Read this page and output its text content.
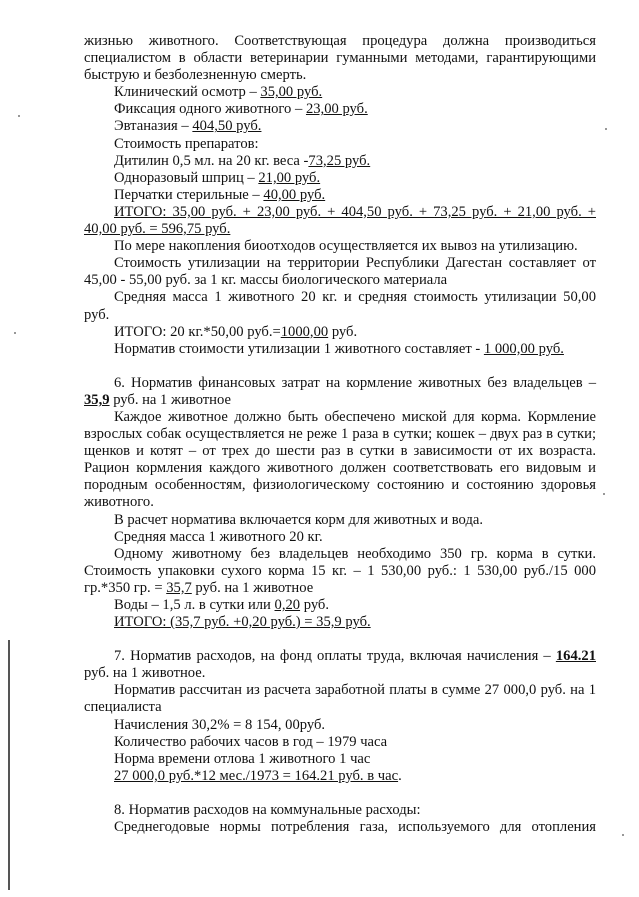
жизнью животного. Соответствующая процедура должна производиться

специалистом в области ветеринарии гуманными методами, гарантирующими

быструю и безболезненную смерть.

Клинический осмотр – 35,00 руб.

Фиксация одного животного – 23,00 руб.

Эвтаназия – 404,50 руб.

Стоимость препаратов:

Дитилин 0,5 мл. на 20 кг. веса -73,25 руб.

Одноразовый шприц – 21,00 руб.

Перчатки стерильные – 40,00 руб.

ИТОГО: 35,00 руб. + 23,00 руб. + 404,50 руб. + 73,25 руб. + 21,00 руб. +

40,00 руб. = 596,75 руб.

По мере накопления биоотходов осуществляется их вывоз на утилизацию.

Стоимость утилизации на территории Республики Дагестан составляет от

45,00 - 55,00 руб. за 1 кг. массы биологического материала

Средняя масса 1 животного 20 кг. и средняя стоимость утилизации 50,00

руб.

ИТОГО: 20 кг.*50,00 руб.=1000,00 руб.

Норматив стоимости утилизации 1 животного составляет - 1 000,00 руб.

6. Норматив финансовых затрат на кормление животных без владельцев –

35,9 руб. на 1 животное

Каждое животное должно быть обеспечено миской для корма. Кормление

взрослых собак осуществляется не реже 1 раза в сутки; кошек – двух раз в сутки;

щенков и котят – от трех до шести раз в сутки в зависимости от их возраста.

Рацион кормления каждого животного должен соответствовать его видовым и

породным особенностям, физиологическому состоянию и состоянию здоровья

животного.

В расчет норматива включается корм для животных и вода.

Средняя масса 1 животного 20 кг.

Одному животному без владельцев необходимо 350 гр. корма в сутки.

Стоимость упаковки сухого корма 15 кг. – 1 530,00 руб.: 1 530,00 руб./15 000

гр.*350 гр. = 35,7 руб. на 1 животное

Воды – 1,5 л. в сутки или 0,20 руб.

ИТОГО: (35,7 руб. +0,20 руб.) = 35,9 руб.

7. Норматив расходов, на фонд оплаты труда, включая начисления – 164.21

руб. на 1 животное.

Норматив рассчитан из расчета заработной платы в сумме 27 000,0 руб. на 1

специалиста

Начисления 30,2% = 8 154, 00руб.

Количество рабочих часов в год – 1979 часа

Норма времени отлова 1 животного 1 час

27 000,0 руб.*12 мес./1973 = 164.21 руб. в час.

8. Норматив расходов на коммунальные расходы:

Среднегодовые нормы потребления газа, используемого для отопления
